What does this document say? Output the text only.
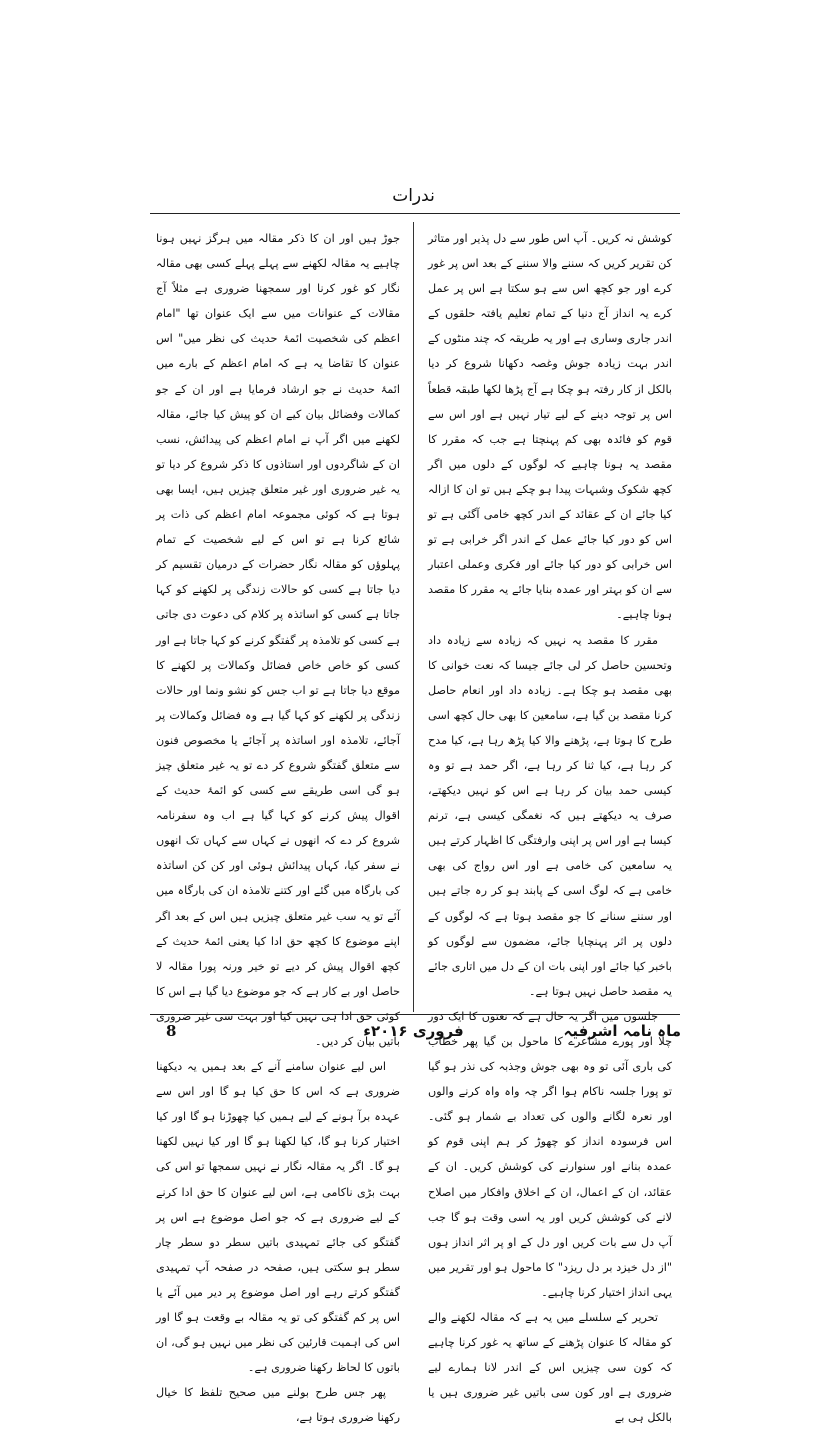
ندرات

کوشش نہ کریں۔ آپ اس طور سے دل پذیر اور متاثر کن تقریر کریں کہ سننے والا سننے کے بعد اس پر غور کرے اور جو کچھ اس سے ہو سکتا ہے اس پر عمل کرے یہ انداز آج دنیا کے تمام تعلیم یافتہ حلقوں کے اندر جاری وساری ہے اور یہ طریقہ کہ چند منٹوں کے اندر بہت زیادہ جوش وغصہ دکھانا شروع کر دیا بالکل از کار رفتہ ہو چکا ہے آج پڑھا لکھا طبقہ قطعاً اس پر توجہ دینے کے لیے تیار نہیں ہے اور اس سے قوم کو فائدہ بھی کم پہنچتا ہے جب کہ مقرر کا مقصد یہ ہونا چاہیے کہ لوگوں کے دلوں میں اگر کچھ شکوک وشبہات پیدا ہو چکے ہیں تو ان کا ازالہ کیا جائے ان کے عقائد کے اندر کچھ خامی آگئی ہے تو اس کو دور کیا جائے عمل کے اندر اگر خرابی ہے تو اس خرابی کو دور کیا جائے اور فکری وعملی اعتبار سے ان کو بہتر اور عمدہ بنایا جائے یہ مقرر کا مقصد ہونا چاہیے۔

مقرر کا مقصد یہ نہیں کہ زیادہ سے زیادہ داد وتحسین حاصل کر لی جائے جیسا کہ نعت خوانی کا بھی مقصد ہو چکا ہے۔ زیادہ داد اور انعام حاصل کرنا مقصد بن گیا ہے، سامعین کا بھی حال کچھ اسی طرح کا ہوتا ہے، پڑھنے والا کیا پڑھ رہا ہے، کیا مدح کر رہا ہے، کیا ثنا کر رہا ہے، اگر حمد ہے تو وہ کیسی حمد بیان کر رہا ہے اس کو نہیں دیکھتے، صرف یہ دیکھتے ہیں کہ نغمگی کیسی ہے، ترنم کیسا ہے اور اس پر اپنی وارفتگی کا اظہار کرتے ہیں یہ سامعین کی خامی ہے اور اس رواج کی بھی خامی ہے کہ لوگ اسی کے پابند ہو کر رہ جاتے ہیں اور سننے سنانے کا جو مقصد ہوتا ہے کہ لوگوں کے دلوں پر اثر پہنچایا جائے، مضمون سے لوگوں کو باخبر کیا جائے اور اپنی بات ان کے دل میں اتاری جائے یہ مقصد حاصل نہیں ہوتا ہے۔

جلسوں میں اگر یہ حال ہے کہ نعتوں کا ایک دور چلا اور پورے مشاعرے کا ماحول بن گیا پھر خطاب کی باری آئی تو وہ بھی جوش وجذبہ کی نذر ہو گیا تو پورا جلسہ ناکام ہوا اگر چہ واہ واہ کرنے والوں اور نعرہ لگانے والوں کی تعداد بے شمار ہو گئی۔ اس فرسودہ انداز کو چھوڑ کر ہم اپنی قوم کو عمدہ بنانے اور سنوارنے کی کوشش کریں۔ ان کے عقائد، ان کے اعمال، ان کے اخلاق وافکار میں اصلاح لانے کی کوشش کریں اور یہ اسی وقت ہو گا جب آپ دل سے بات کریں اور دل کے او پر اثر انداز ہوں "از دل خیزد بر دل ریزد" کا ماحول ہو اور تقریر میں یہی انداز اختیار کرنا چاہیے۔

تحریر کے سلسلے میں یہ ہے کہ مقالہ لکھنے والے کو مقالہ کا عنوان پڑھنے کے ساتھ یہ غور کرنا چاہیے کہ کون سی چیزیں اس کے اندر لانا ہمارے لیے ضروری ہے اور کون سی باتیں غیر ضروری ہیں یا بالکل ہی بے

جوڑ ہیں اور ان کا ذکر مقالہ میں ہرگز نہیں ہونا چاہیے یہ مقالہ لکھنے سے پہلے پہلے کسی بھی مقالہ نگار کو غور کرنا اور سمجھنا ضروری ہے مثلاً آج مقالات کے عنوانات میں سے ایک عنوان تھا "امام اعظم کی شخصیت ائمۂ حدیث کی نظر میں" اس عنوان کا تقاضا یہ ہے کہ امام اعظم کے بارے میں ائمۂ حدیث نے جو ارشاد فرمایا ہے اور ان کے جو کمالات وفضائل بیان کیے ان کو پیش کیا جائے، مقالہ لکھنے میں اگر آپ نے امام اعظم کی پیدائش، نسب ان کے شاگردوں اور استاذوں کا ذکر شروع کر دیا تو یہ غیر ضروری اور غیر متعلق چیزیں ہیں، ایسا بھی ہوتا ہے کہ کوئی مجموعہ امام اعظم کی ذات پر شائع کرنا ہے تو اس کے لیے شخصیت کے تمام پہلوؤں کو مقالہ نگار حضرات کے درمیان تقسیم کر دیا جاتا ہے کسی کو حالات زندگی پر لکھنے کو کہا جاتا ہے کسی کو اساتذہ پر کلام کی دعوت دی جاتی ہے کسی کو تلامذہ پر گفتگو کرنے کو کہا جاتا ہے اور کسی کو خاص خاص فضائل وکمالات پر لکھنے کا موقع دیا جاتا ہے تو اب جس کو نشو ونما اور حالات زندگی پر لکھنے کو کہا گیا ہے وہ فضائل وکمالات پر آجائے، تلامذہ اور اساتذہ پر آجائے یا مخصوص فنون سے متعلق گفتگو شروع کر دے تو یہ غیر متعلق چیز ہو گی اسی طریقے سے کسی کو ائمۂ حدیث کے اقوال پیش کرنے کو کہا گیا ہے اب وہ سفرنامہ شروع کر دے کہ انھوں نے کہاں سے کہاں تک انھوں نے سفر کیا، کہاں پیدائش ہوئی اور کن کن اساتذہ کی بارگاہ میں گئے اور کتنے تلامذہ ان کی بارگاہ میں آئے تو یہ سب غیر متعلق چیزیں ہیں اس کے بعد اگر اپنے موضوع کا کچھ حق ادا کیا یعنی ائمۂ حدیث کے کچھ اقوال پیش کر دیے تو خیر ورنہ پورا مقالہ لا حاصل اور بے کار ہے کہ جو موضوع دیا گیا ہے اس کا کوئی حق ادا ہی نہیں کیا اور بہت سی غیر ضروری باتیں بیان کر دیں۔

اس لیے عنوان سامنے آنے کے بعد ہمیں یہ دیکھنا ضروری ہے کہ اس کا حق کیا ہو گا اور اس سے عہدہ برآ ہونے کے لیے ہمیں کیا چھوڑنا ہو گا اور کیا اختیار کرنا ہو گا، کیا لکھنا ہو گا اور کیا نہیں لکھنا ہو گا۔ اگر یہ مقالہ نگار نے نہیں سمجھا تو اس کی بہت بڑی ناکامی ہے، اس لیے عنوان کا حق ادا کرنے کے لیے ضروری ہے کہ جو اصل موضوع ہے اس پر گفتگو کی جائے تمہیدی باتیں سطر دو سطر چار سطر ہو سکتی ہیں، صفحہ در صفحہ آپ تمہیدی گفتگو کرتے رہے اور اصل موضوع پر دیر میں آئے یا اس پر کم گفتگو کی تو یہ مقالہ بے وقعت ہو گا اور اس کی اہمیت قارئین کی نظر میں نہیں ہو گی، ان باتوں کا لحاظ رکھنا ضروری ہے۔

پھر جس طرح بولنے میں صحیح تلفظ کا خیال رکھنا ضروری ہوتا ہے،

ماہ نامہ اشرفیہ
فروری ۲۰۱۶ء
8
